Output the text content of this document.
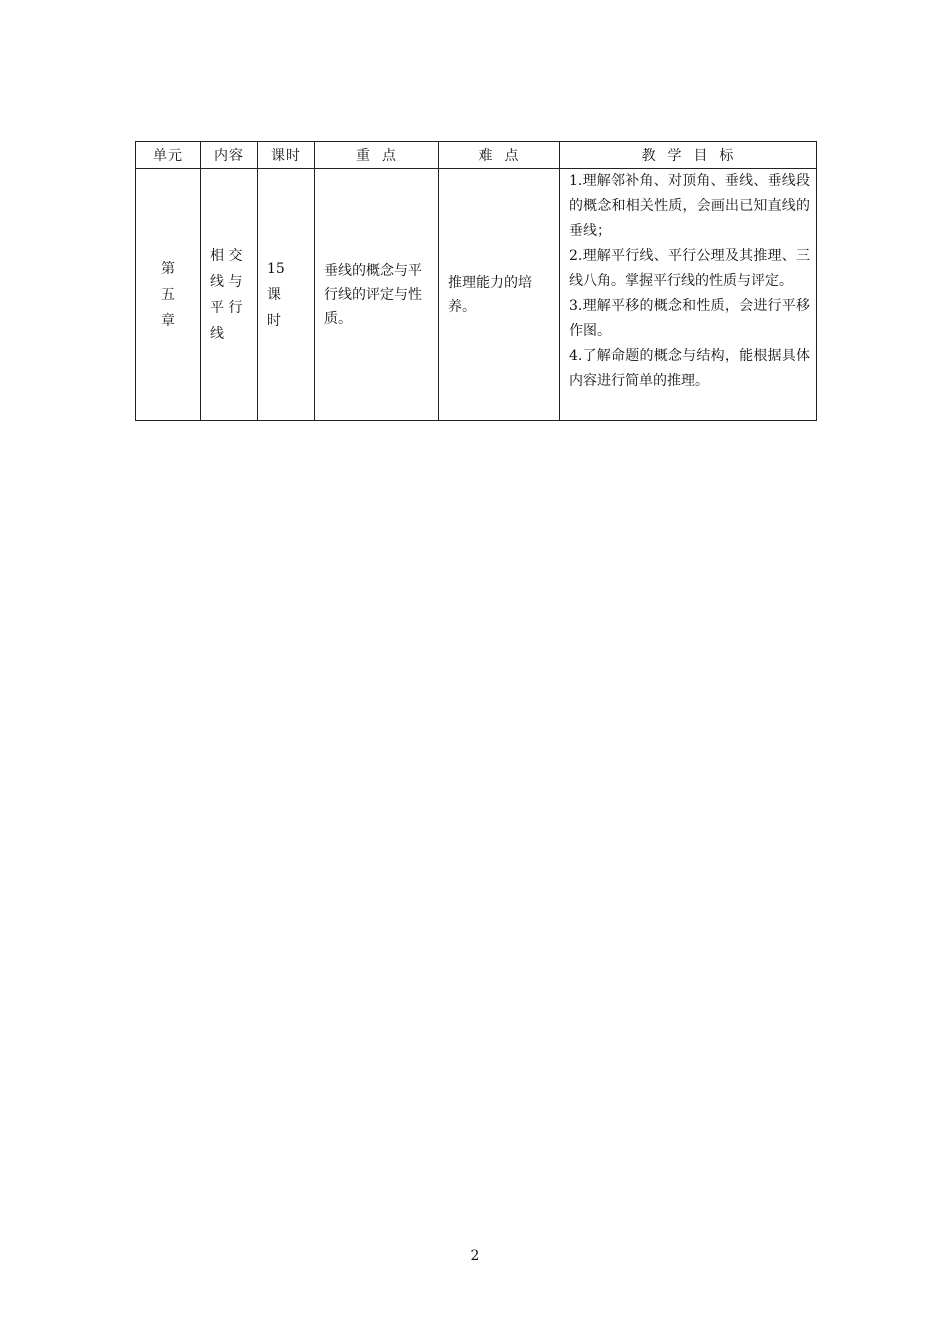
单元	内容	课时	重  点	难  点	教  学  目  标

第
五
章	相 交
线 与
平 行
线	15
课
时	垂线的概念与平行线的评定与性质。	推理能力的培养。	1.理解邻补角、对顶角、垂线、垂线段的概念和相关性质，会画出已知直线的垂线；
2.理解平行线、平行公理及其推理、三线八角。掌握平行线的性质与评定。
3.理解平移的概念和性质，会进行平移作图。
4.了解命题的概念与结构，能根据具体内容进行简单的推理。
2
